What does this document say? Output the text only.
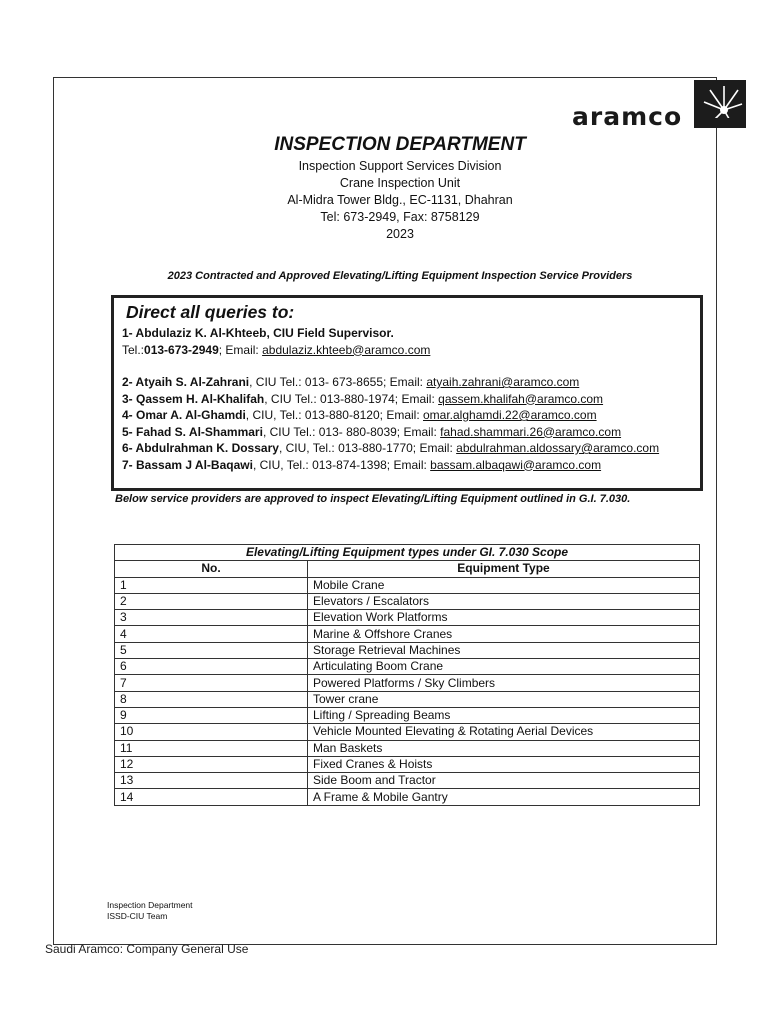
aramco
INSPECTION DEPARTMENT
Inspection Support Services Division
Crane Inspection Unit
Al-Midra Tower Bldg., EC-1131, Dhahran
Tel: 673-2949, Fax: 8758129
2023
2023 Contracted and Approved Elevating/Lifting Equipment Inspection Service Providers
Direct all queries to:
1- Abdulaziz K. Al-Khteeb, CIU Field Supervisor.
Tel.:013-673-2949; Email: abdulaziz.khteeb@aramco.com
2- Atyaih S. Al-Zahrani, CIU Tel.: 013- 673-8655; Email: atyaih.zahrani@aramco.com
3- Qassem H. Al-Khalifah, CIU Tel.: 013-880-1974; Email: qassem.khalifah@aramco.com
4- Omar A. Al-Ghamdi, CIU, Tel.: 013-880-8120; Email: omar.alghamdi.22@aramco.com
5- Fahad S. Al-Shammari, CIU Tel.: 013- 880-8039; Email: fahad.shammari.26@aramco.com
6- Abdulrahman K. Dossary, CIU, Tel.: 013-880-1770; Email: abdulrahman.aldossary@aramco.com
7- Bassam J Al-Baqawi, CIU, Tel.: 013-874-1398; Email: bassam.albaqawi@aramco.com
Below service providers are approved to inspect Elevating/Lifting Equipment outlined in G.I. 7.030.
Elevating/Lifting Equipment types under GI. 7.030 Scope	
No.	Equipment Type
1	Mobile Crane
2	Elevators / Escalators
3	Elevation Work Platforms
4	Marine & Offshore Cranes
5	Storage Retrieval Machines
6	Articulating Boom Crane
7	Powered Platforms / Sky Climbers
8	Tower crane
9	Lifting / Spreading Beams
10	Vehicle Mounted Elevating & Rotating Aerial Devices
11	Man Baskets
12	Fixed Cranes & Hoists
13	Side Boom and Tractor
14	A Frame & Mobile Gantry
Inspection Department
ISSD-CIU Team
Saudi Aramco: Company General Use
